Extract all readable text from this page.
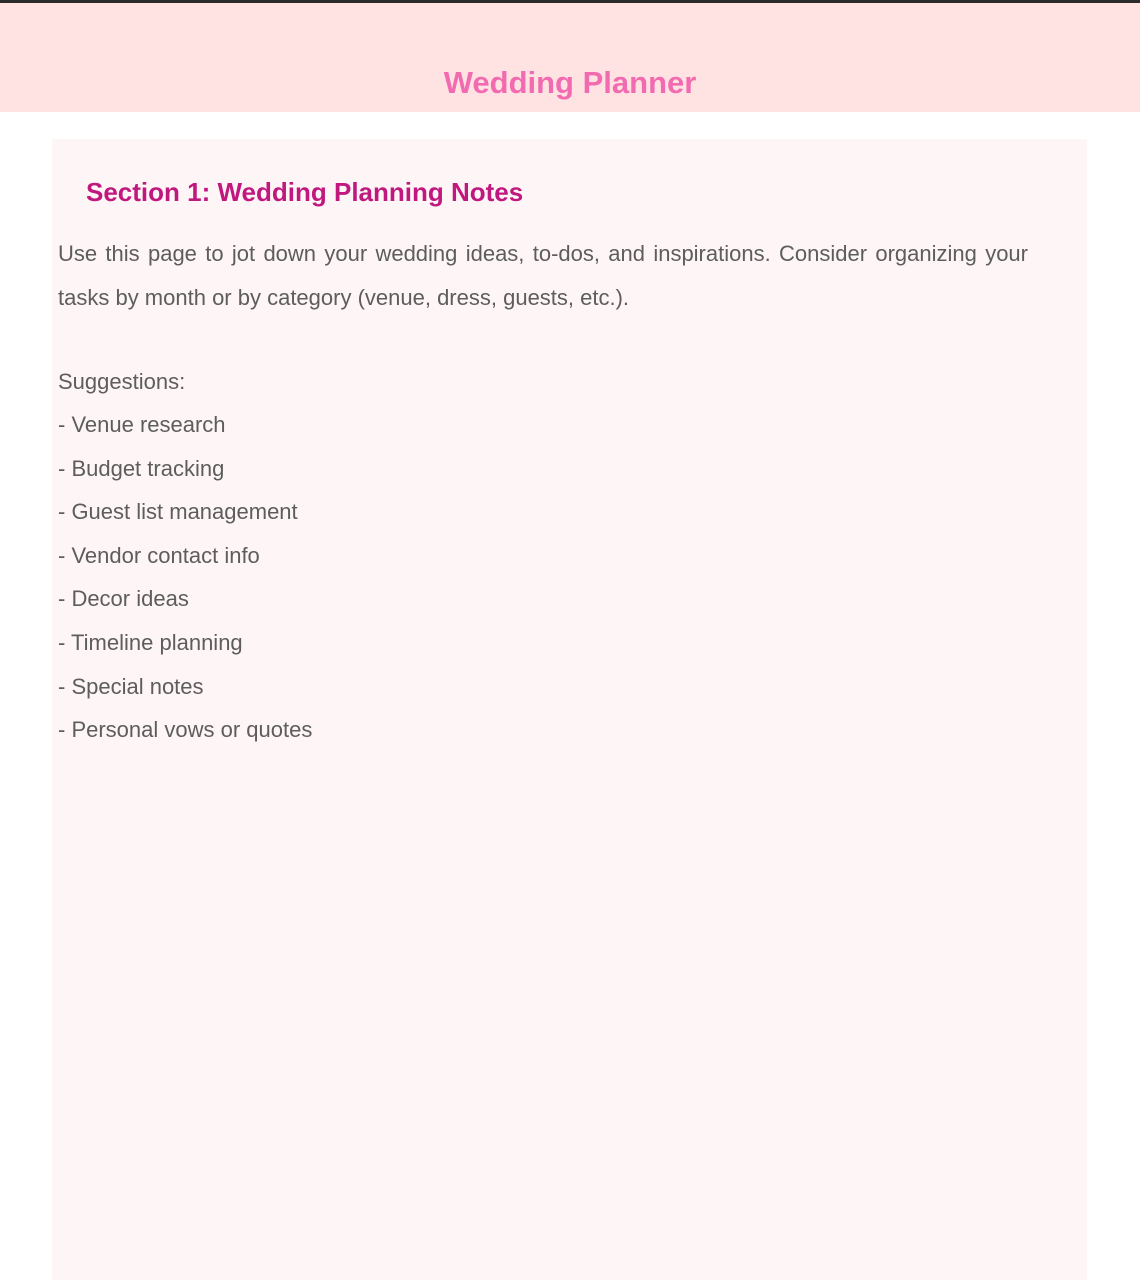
Wedding Planner
Section 1: Wedding Planning Notes

Use this page to jot down your wedding ideas, to-dos, and inspirations. Consider organizing your tasks by month or by category (venue, dress, guests, etc.).

Suggestions:
- Venue research
- Budget tracking
- Guest list management
- Vendor contact info
- Decor ideas
- Timeline planning
- Special notes
- Personal vows or quotes
